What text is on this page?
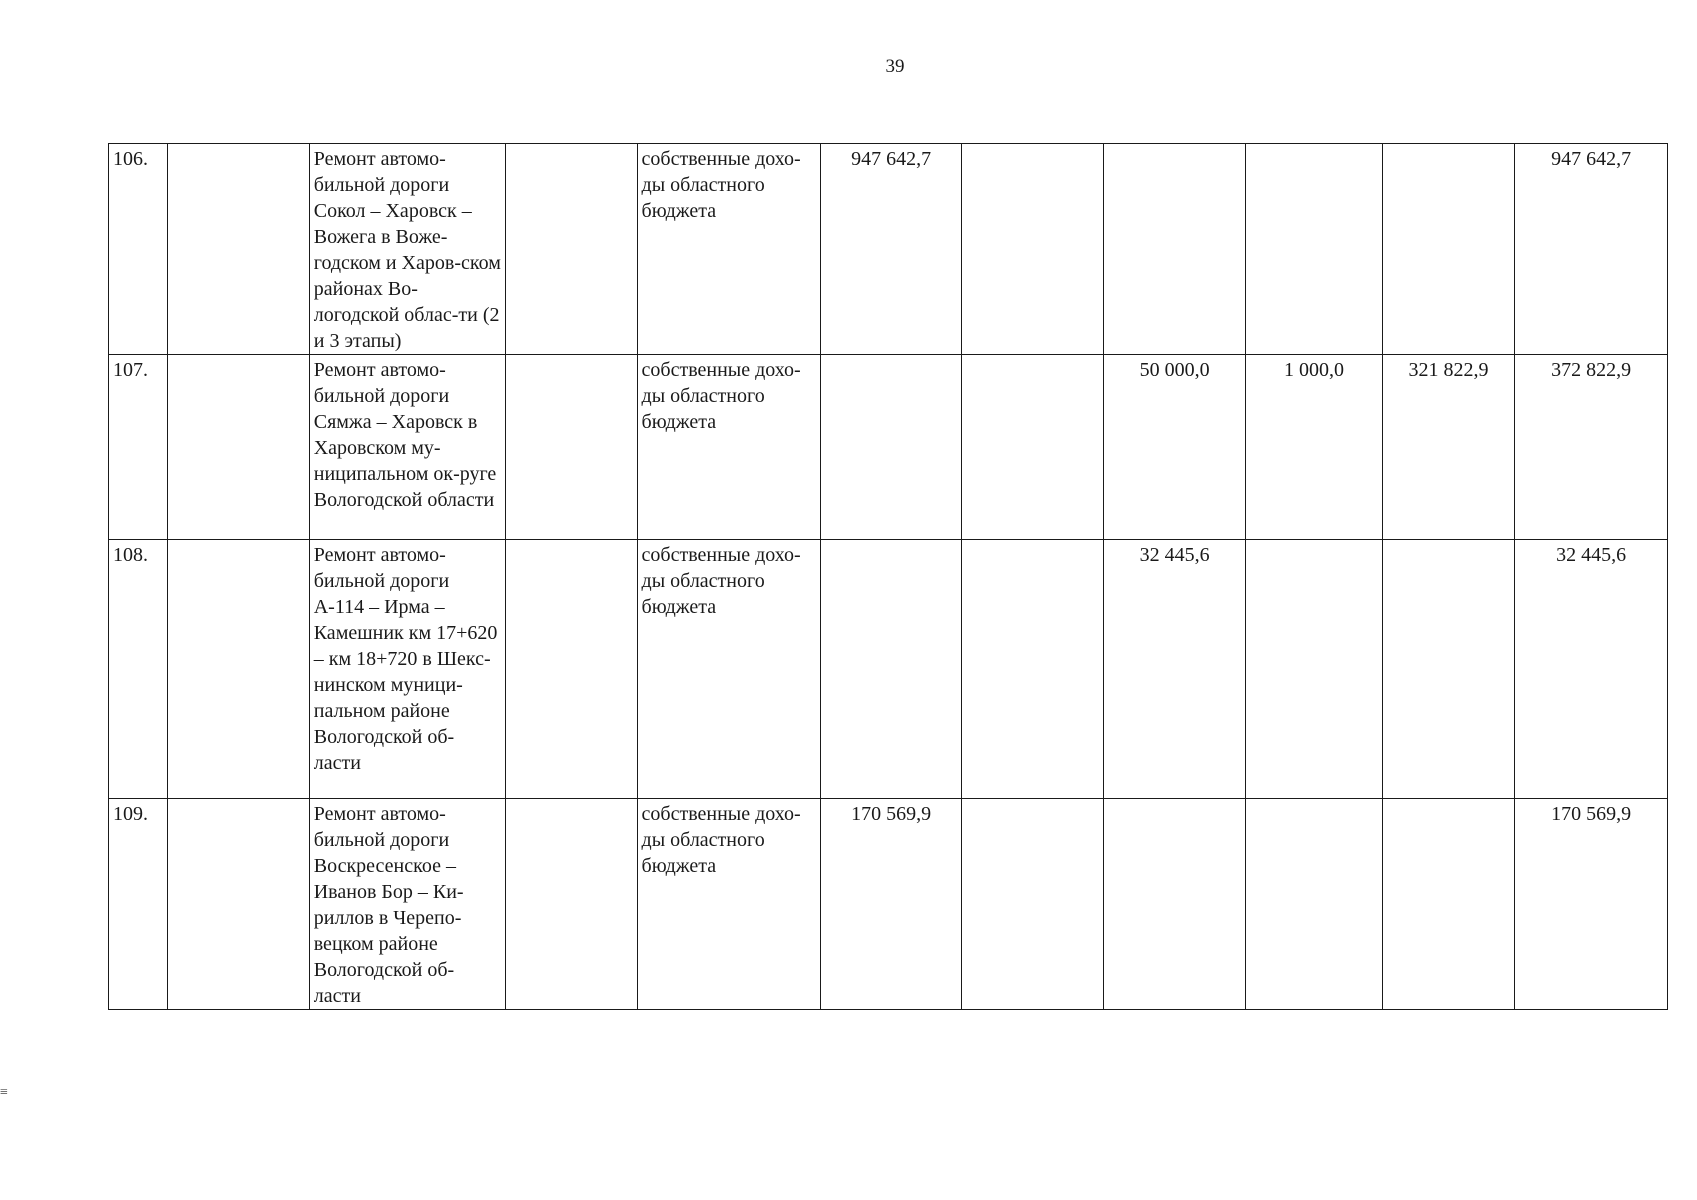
39
106.		Ремонт автомо-бильной дороги Сокол – Харовск – Вожега в Воже-годском и Харов-ском районах Во-логодской облас-ти (2 и 3 этапы)		собственные дохо-ды областного бюджета	947 642,7					947 642,7
107.		Ремонт автомо-бильной дороги Сямжа – Харовск в Харовском му-ниципальном ок-руге Вологодской области		собственные дохо-ды областного бюджета			50 000,0	1 000,0	321 822,9	372 822,9
108.		Ремонт автомо-бильной дороги А-114 – Ирма – Камешник км 17+620 – км 18+720 в Шекс-нинском муници-пальном районе Вологодской об-ласти		собственные дохо-ды областного бюджета			32 445,6			32 445,6
109.		Ремонт автомо-бильной дороги Воскресенское – Иванов Бор – Ки-риллов в Черепо-вецком районе Вологодской об-ласти		собственные дохо-ды областного бюджета	170 569,9					170 569,9
≡
